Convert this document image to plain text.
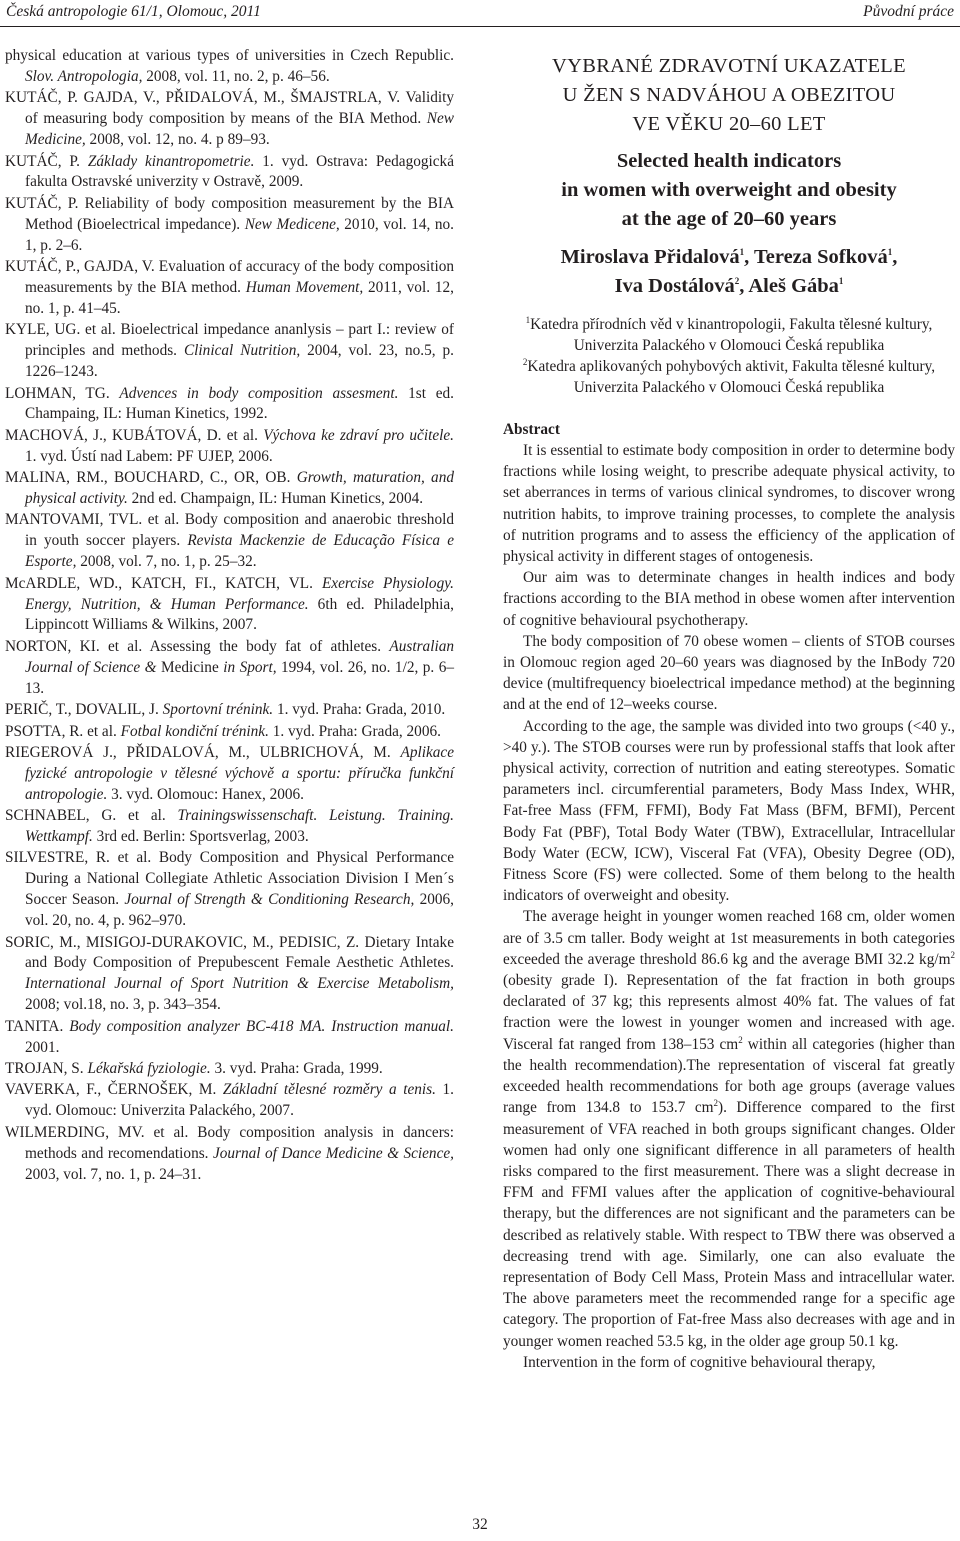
Česká antropologie 61/1, Olomouc, 2011	Původní práce

physical education at various types of universities in Czech Republic. Slov. Antropologia, 2008, vol. 11, no. 2, p. 46–56.

KUTÁČ, P. GAJDA, V., PŘIDALOVÁ, M., ŠMAJSTRLA, V. Validity of measuring body composition by means of the BIA Method. New Medicine, 2008, vol. 12, no. 4. p 89–93.

KUTÁČ, P. Základy kinantropometrie. 1. vyd. Ostrava: Pedagogická fakulta Ostravské univerzity v Ostravě, 2009.

KUTÁČ, P. Reliability of body composition measurement by the BIA Method (Bioelectrical impedance). New Medicene, 2010, vol. 14, no. 1, p. 2–6.

KUTÁČ, P., GAJDA, V. Evaluation of accuracy of the body composition measurements by the BIA method. Human Movement, 2011, vol. 12, no. 1, p. 41–45.

KYLE, UG. et al. Bioelectrical impedance ananlysis – part I.: review of principles and methods. Clinical Nutrition, 2004, vol. 23, no.5, p. 1226–1243.

LOHMAN, TG. Advences in body composition assesment. 1st ed. Champaing, IL: Human Kinetics, 1992.

MACHOVÁ, J., KUBÁTOVÁ, D. et al. Výchova ke zdraví pro učitele. 1. vyd. Ústí nad Labem: PF UJEP, 2006.

MALINA, RM., BOUCHARD, C., OR, OB. Growth, maturation, and physical activity. 2nd ed. Champaign, IL: Human Kinetics, 2004.

MANTOVAMI, TVL. et al. Body composition and anaerobic threshold in youth soccer players. Revista Mackenzie de Educação Física e Esporte, 2008, vol. 7, no. 1, p. 25–32.

McARDLE, WD., KATCH, FI., KATCH, VL. Exercise Physiology. Energy, Nutrition, & Human Performance. 6th ed. Philadelphia, Lippincott Williams & Wilkins, 2007.

NORTON, KI. et al. Assessing the body fat of athletes. Australian Journal of Science & Medicine in Sport, 1994, vol. 26, no. 1/2, p. 6–13.

PERIČ, T., DOVALIL, J. Sportovní trénink. 1. vyd. Praha: Grada, 2010.

PSOTTA, R. et al. Fotbal kondiční trénink. 1. vyd. Praha: Grada, 2006.

RIEGEROVÁ J., PŘIDALOVÁ, M., ULBRICHOVÁ, M. Aplikace fyzické antropologie v tělesné výchově a sportu: příručka funkční antropologie. 3. vyd. Olomouc: Hanex, 2006.

SCHNABEL, G. et al. Trainingswissenschaft. Leistung. Training. Wettkampf. 3rd ed. Berlin: Sportsverlag, 2003.

SILVESTRE, R. et al. Body Composition and Physical Performance During a National Collegiate Athletic Association Division I Men´s Soccer Season. Journal of Strength & Conditioning Research, 2006, vol. 20, no. 4, p. 962–970.

SORIC, M., MISIGOJ-DURAKOVIC, M., PEDISIC, Z. Dietary Intake and Body Composition of Prepubescent Female Aesthetic Athletes. International Journal of Sport Nutrition & Exercise Metabolism, 2008; vol.18, no. 3, p. 343–354.

TANITA. Body composition analyzer BC-418 MA. Instruction manual. 2001.

TROJAN, S. Lékařská fyziologie. 3. vyd. Praha: Grada, 1999.

VAVERKA, F., ČERNOŠEK, M. Základní tělesné rozměry a tenis. 1. vyd. Olomouc: Univerzita Palackého, 2007.

WILMERDING, MV. et al. Body composition analysis in dancers: methods and recomendations. Journal of Dance Medicine & Science, 2003, vol. 7, no. 1, p. 24–31.

VYBRANÉ ZDRAVOTNÍ UKAZATELE
U ŽEN S NADVÁHOU A OBEZITOU
VE VĚKU 20–60 LET
Selected health indicators
in women with overweight and obesity
at the age of 20–60 years
Miroslava Přidalová$^1$, Tereza Sofková$^1$,
Iva Dostálová$^2$, Aleš Gába$^1$
$^1$Katedra přírodních věd v kinantropologii, Fakulta tělesné kultury, Univerzita Palackého v Olomouci Česká republika
$^2$Katedra aplikovaných pohybových aktivit, Fakulta tělesné kultury, Univerzita Palackého v Olomouci Česká republika
Abstract

It is essential to estimate body composition in order to determine body fractions while losing weight, to prescribe adequate physical activity, to set aberrances in terms of various clinical syndromes, to discover wrong nutrition habits, to improve training processes, to complete the analysis of nutrition programs and to assess the efficiency of the application of physical activity in different stages of ontogenesis.

Our aim was to determinate changes in health indices and body fractions according to the BIA method in obese women after intervention of cognitive behavioural psychotherapy.

The body composition of 70 obese women – clients of STOB courses in Olomouc region aged 20–60 years was diagnosed by the InBody 720 device (multifrequency bioelectrical impedance method) at the beginning and at the end of 12–weeks course.

According to the age, the sample was divided into two groups (<40 y., >40 y.). The STOB courses were run by professional staffs that look after physical activity, correction of nutrition and eating stereotypes. Somatic parameters incl. circumferential parameters, Body Mass Index, WHR, Fat-free Mass (FFM, FFMI), Body Fat Mass (BFM, BFMI), Percent Body Fat (PBF), Total Body Water (TBW), Extracellular, Intracellular Body Water (ECW, ICW), Visceral Fat (VFA), Obesity Degree (OD), Fitness Score (FS) were collected. Some of them belong to the health indicators of overweight and obesity.

The average height in younger women reached 168 cm, older women are of 3.5 cm taller. Body weight at 1st measurements in both categories exceeded the average threshold 86.6 kg and the average BMI 32.2 $kg/m^2$ (obesity grade I). Representation of the fat fraction in both groups declarated of 37 kg; this represents almost 40% fat. The values of fat fraction were the lowest in younger women and increased with age. Visceral fat ranged from 138–153 $cm^2$ within all categories (higher than the health recommendation).The representation of visceral fat greatly exceeded health recommendations for both age groups (average values range from 134.8 to 153.7 $cm^2$). Difference compared to the first measurement of VFA reached in both groups significant changes. Older women had only one significant difference in all parameters of health risks compared to the first measurement. There was a slight decrease in FFM and FFMI values after the application of cognitive-behavioural therapy, but the differences are not significant and the parameters can be described as relatively stable. With respect to TBW there was observed a decreasing trend with age. Similarly, one can also evaluate the representation of Body Cell Mass, Protein Mass and intracellular water. The above parameters meet the recommended range for a specific age category. The proportion of Fat-free Mass also decreases with age and in younger women reached 53.5 kg, in the older age group 50.1 kg.

Intervention in the form of cognitive behavioural therapy,

32
